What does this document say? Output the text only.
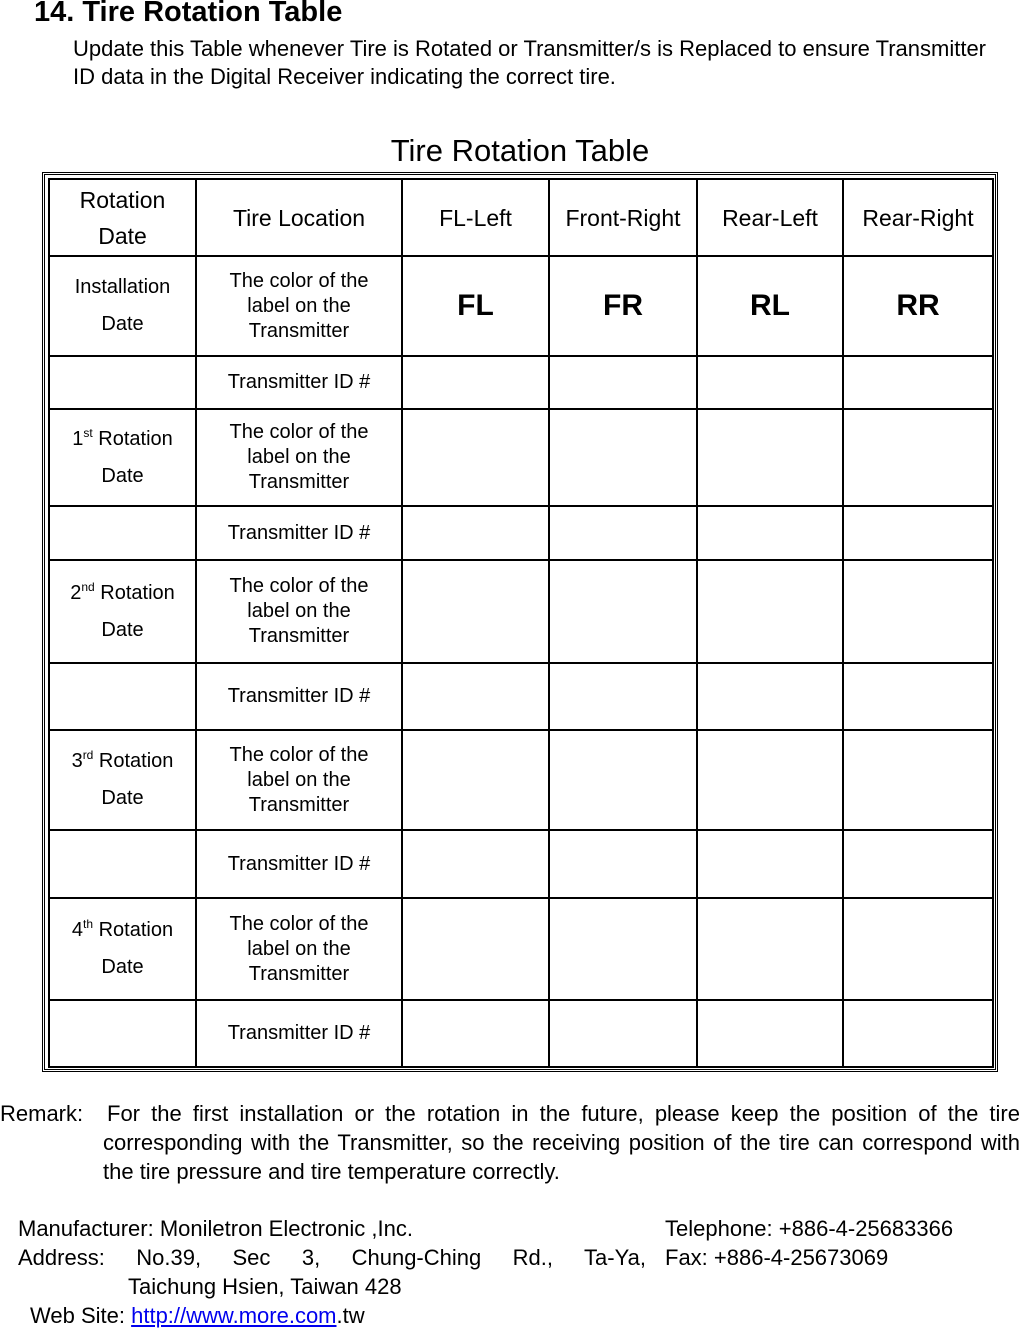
14. Tire Rotation Table

Update this Table whenever Tire is Rotated or Transmitter/s is Replaced to ensure Transmitter ID data in the Digital Receiver indicating the correct tire.

Tire Rotation Table
Rotation
Date	Tire Location	FL-Left	Front-Right	Rear-Left	Rear-Right
Installation
Date	The color of the
label on the
Transmitter	FL	FR	RL	RR
	Transmitter ID #				
1st Rotation
Date	The color of the
label on the
Transmitter				
	Transmitter ID #				
2nd Rotation
Date	The color of the
label on the
Transmitter				
	Transmitter ID #				
3rd Rotation
Date	The color of the
label on the
Transmitter				
	Transmitter ID #				
4th Rotation
Date	The color of the
label on the
Transmitter				
	Transmitter ID #				
Remark: For the first installation or the rotation in the future, please keep the position of the tire corresponding with the Transmitter, so the receiving position of the tire can correspond with the tire pressure and tire temperature correctly.
Manufacturer: Moniletron Electronic ,Inc.	Telephone: +886-4-25683366
Address: No.39, Sec 3, Chung-Ching Rd., Ta-Ya, Fax: +886-4-25673069
Taichung Hsien, Taiwan 428
Web Site: http://www.more.com.tw
